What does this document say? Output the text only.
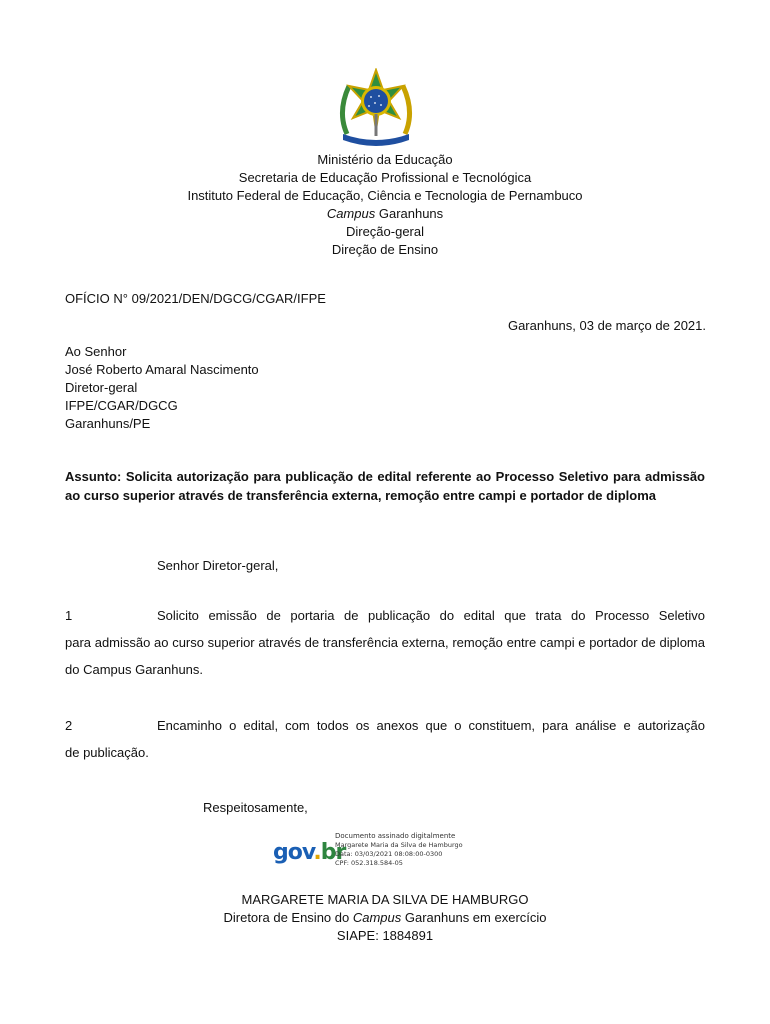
Ministério da Educação
Secretaria de Educação Profissional e Tecnológica
Instituto Federal de Educação, Ciência e Tecnologia de Pernambuco
Campus Garanhuns
Direção-geral
Direção de Ensino
OFÍCIO N° 09/2021/DEN/DGCG/CGAR/IFPE
Garanhuns, 03 de março de 2021.
Ao Senhor
José Roberto Amaral Nascimento
Diretor-geral
IFPE/CGAR/DGCG
Garanhuns/PE
Assunto: Solicita autorização para publicação de edital referente ao Processo Seletivo para admissão ao curso superior através de transferência externa, remoção entre campi e portador de diploma
Senhor Diretor-geral,
1	Solicito emissão de portaria de publicação do edital que trata do Processo Seletivo
para admissão ao curso superior através de transferência externa, remoção entre campi e portador de diploma do Campus Garanhuns.
2	Encaminho o edital, com todos os anexos que o constituem, para análise e autorização
de publicação.
Respeitosamente,
gov.br
Documento assinado digitalmente
Margarete Maria da Silva de Hamburgo
Data: 03/03/2021 08:08:00-0300
CPF: 052.318.584-05
MARGARETE MARIA DA SILVA DE HAMBURGO
Diretora de Ensino do Campus Garanhuns em exercício
SIAPE: 1884891
